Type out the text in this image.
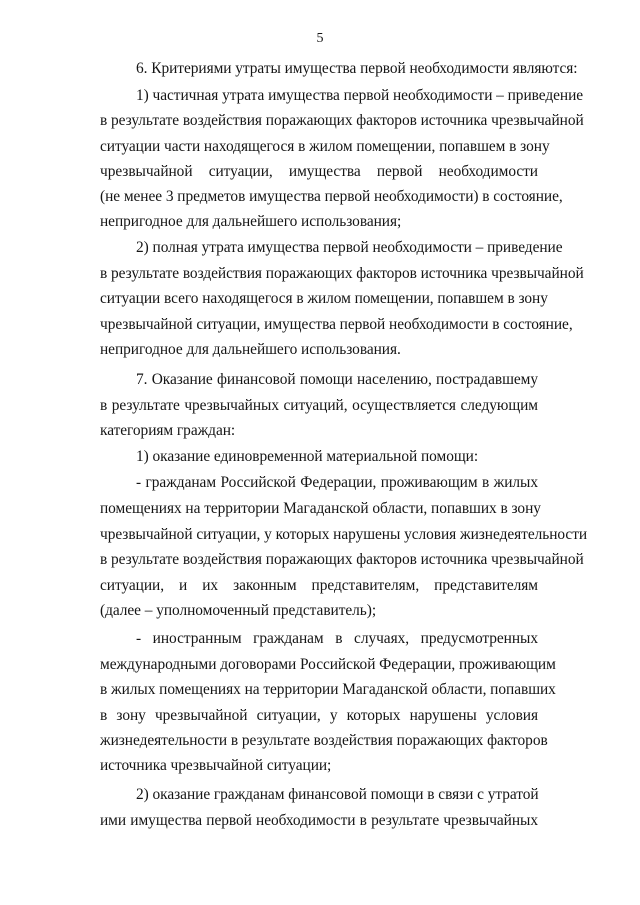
5
6. Критериями утраты имущества первой необходимости являются:
1) частичная утрата имущества первой необходимости – приведение
в результате воздействия поражающих факторов источника чрезвычайной
ситуации части находящегося в жилом помещении, попавшем в зону
чрезвычайной ситуации, имущества первой необходимости
(не менее 3 предметов имущества первой необходимости) в состояние,
непригодное для дальнейшего использования;
2) полная утрата имущества первой необходимости – приведение
в результате воздействия поражающих факторов источника чрезвычайной
ситуации всего находящегося в жилом помещении, попавшем в зону
чрезвычайной ситуации, имущества первой необходимости в состояние,
непригодное для дальнейшего использования.
7. Оказание финансовой помощи населению, пострадавшему
в результате чрезвычайных ситуаций, осуществляется следующим
категориям граждан:
1) оказание единовременной материальной помощи:
- гражданам Российской Федерации, проживающим в жилых
помещениях на территории Магаданской области, попавших в зону
чрезвычайной ситуации, у которых нарушены условия жизнедеятельности
в результате воздействия поражающих факторов источника чрезвычайной
ситуации, и их законным представителям, представителям
(далее – уполномоченный представитель);
- иностранным гражданам в случаях, предусмотренных
международными договорами Российской Федерации, проживающим
в жилых помещениях на территории Магаданской области, попавших
в зону чрезвычайной ситуации, у которых нарушены условия
жизнедеятельности в результате воздействия поражающих факторов
источника чрезвычайной ситуации;
2) оказание гражданам финансовой помощи в связи с утратой
ими имущества первой необходимости в результате чрезвычайных
